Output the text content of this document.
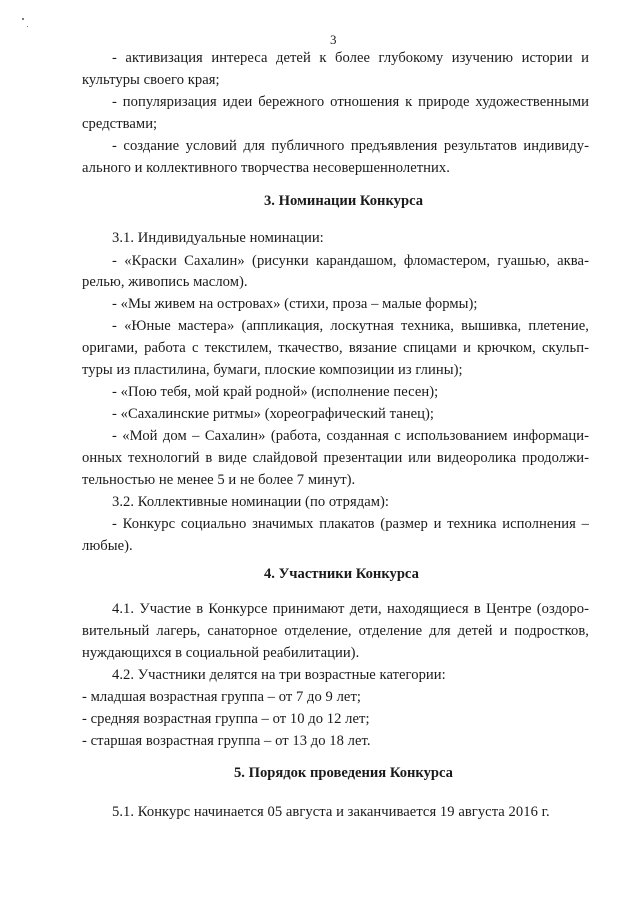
3
- активизация интереса детей к более глубокому изучению истории и
культуры своего края;
- популяризация идеи бережного отношения к природе художественными
средствами;
- создание условий для публичного предъявления результатов индивиду-
ального и коллективного творчества несовершеннолетних.
3. Номинации Конкурса
3.1. Индивидуальные номинации:
- «Краски Сахалин» (рисунки карандашом, фломастером, гуашью, аква-
релью, живопись маслом).
- «Мы живем на островах» (стихи, проза – малые формы);
- «Юные мастера» (аппликация, лоскутная техника, вышивка, плетение,
оригами, работа с текстилем, ткачество, вязание спицами и крючком, скульп-
туры из пластилина, бумаги, плоские композиции из глины);
- «Пою тебя, мой край родной» (исполнение песен);
- «Сахалинские ритмы» (хореографический танец);
- «Мой дом – Сахалин» (работа, созданная с использованием информаци-
онных технологий в виде слайдовой презентации или видеоролика продолжи-
тельностью не менее 5 и не более 7 минут).
3.2. Коллективные номинации (по отрядам):
- Конкурс социально значимых плакатов (размер и техника исполнения –
любые).
4. Участники Конкурса
4.1. Участие в Конкурсе принимают дети, находящиеся в Центре (оздоро-
вительный лагерь, санаторное отделение, отделение для детей и подростков,
нуждающихся в социальной реабилитации).
4.2. Участники делятся на три возрастные категории:
- младшая возрастная группа – от 7 до 9 лет;
- средняя возрастная группа – от 10 до 12 лет;
- старшая возрастная группа – от 13 до 18 лет.
5. Порядок проведения Конкурса
5.1. Конкурс начинается 05 августа и заканчивается 19 августа 2016 г.
